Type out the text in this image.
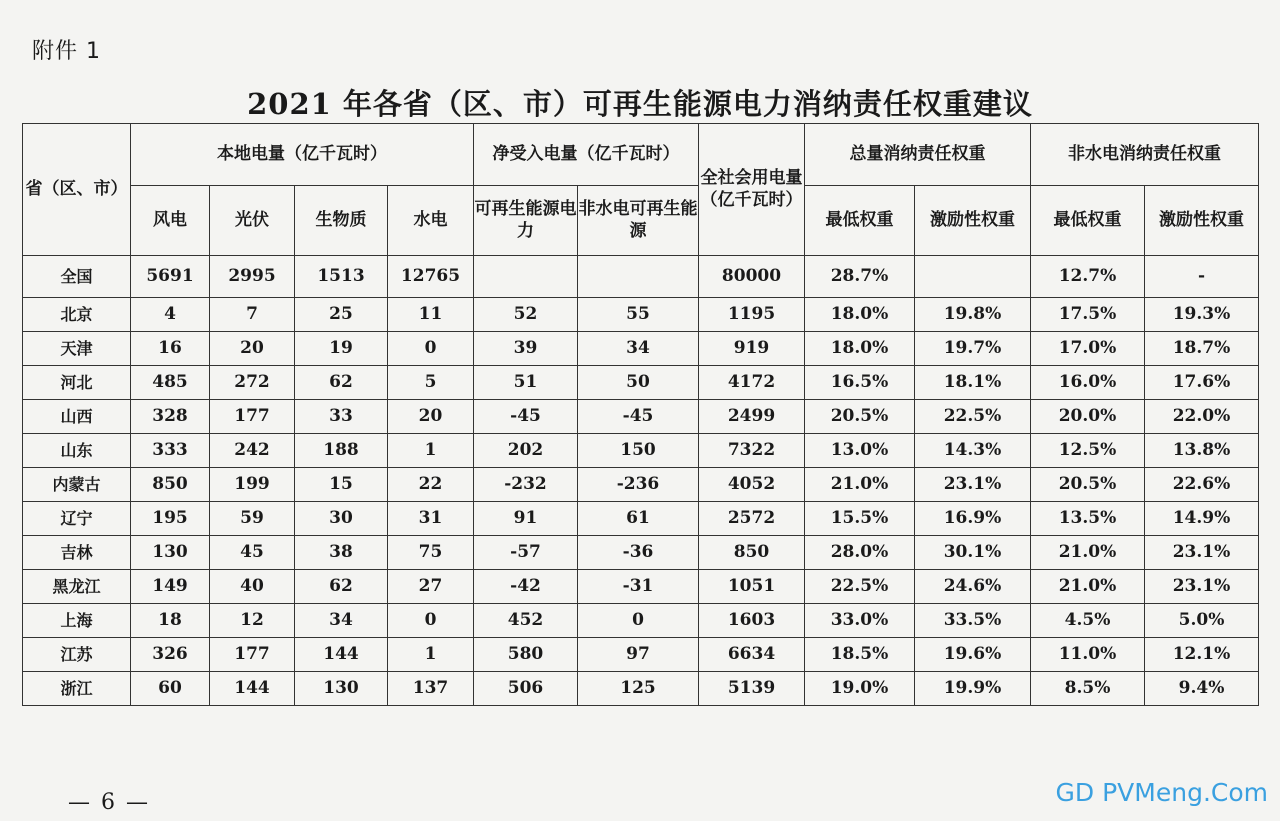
附件 1
2021 年各省（区、市）可再生能源电力消纳责任权重建议
省（区、市）	本地电量（亿千瓦时）				净受入电量（亿千瓦时）		全社会用电量（亿千瓦时）	总量消纳责任权重		非水电消纳责任权重	
	风电	光伏	生物质	水电	可再生能源电力	非水电可再生能源		最低权重	激励性权重	最低权重	激励性权重
全国	5691	2995	1513	12765			80000	28.7%		12.7%	-
北京	4	7	25	11	52	55	1195	18.0%	19.8%	17.5%	19.3%
天津	16	20	19	0	39	34	919	18.0%	19.7%	17.0%	18.7%
河北	485	272	62	5	51	50	4172	16.5%	18.1%	16.0%	17.6%
山西	328	177	33	20	-45	-45	2499	20.5%	22.5%	20.0%	22.0%
山东	333	242	188	1	202	150	7322	13.0%	14.3%	12.5%	13.8%
内蒙古	850	199	15	22	-232	-236	4052	21.0%	23.1%	20.5%	22.6%
辽宁	195	59	30	31	91	61	2572	15.5%	16.9%	13.5%	14.9%
吉林	130	45	38	75	-57	-36	850	28.0%	30.1%	21.0%	23.1%
黑龙江	149	40	62	27	-42	-31	1051	22.5%	24.6%	21.0%	23.1%
上海	18	12	34	0	452	0	1603	33.0%	33.5%	4.5%	5.0%
江苏	326	177	144	1	580	97	6634	18.5%	19.6%	11.0%	12.1%
浙江	60	144	130	137	506	125	5139	19.0%	19.9%	8.5%	9.4%
— 6 —	GD PVMeng.Com
